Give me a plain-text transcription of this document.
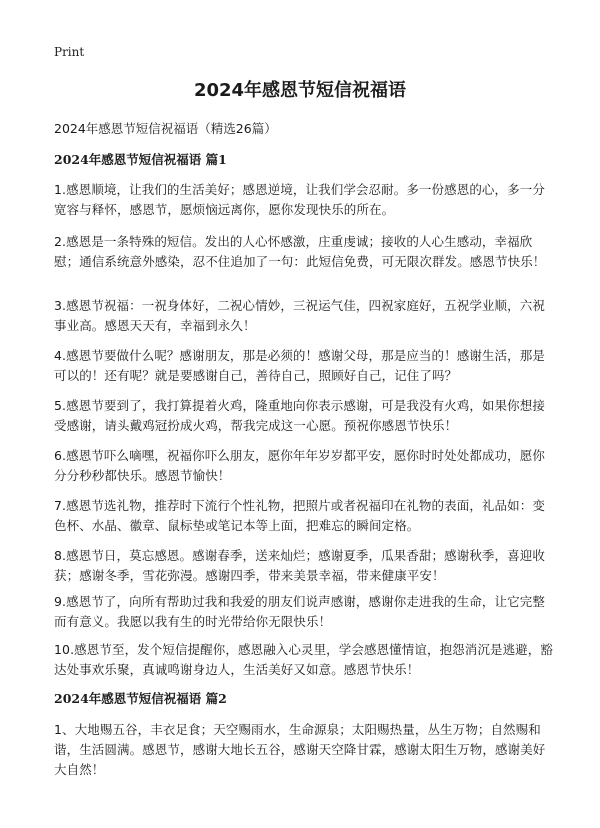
Print
2024年感恩节短信祝福语

2024年感恩节短信祝福语（精选26篇）

2024年感恩节短信祝福语 篇1

1.感恩顺境，让我们的生活美好；感恩逆境，让我们学会忍耐。多一份感恩的心，多一分宽容与释怀，感恩节，愿烦恼远离你，愿你发现快乐的所在。

2.感恩是一条特殊的短信。发出的人心怀感激，庄重虔诚；接收的人心生感动，幸福欣慰；通信系统意外感染，忍不住追加了一句：此短信免费，可无限次群发。感恩节快乐！

3.感恩节祝福：一祝身体好，二祝心情妙，三祝运气佳，四祝家庭好，五祝学业顺，六祝事业高。感恩天天有，幸福到永久！

4.感恩节要做什么呢？感谢朋友，那是必须的！感谢父母，那是应当的！感谢生活，那是可以的！还有呢？就是要感谢自己，善待自己，照顾好自己，记住了吗？

5.感恩节要到了，我打算提着火鸡，隆重地向你表示感谢，可是我没有火鸡，如果你想接受感谢，请头戴鸡冠扮成火鸡，帮我完成这一心愿。预祝你感恩节快乐！

6.感恩节吓么嘀嘿，祝福你吓么朋友，愿你年年岁岁都平安，愿你时时处处都成功，愿你分分秒秒都快乐。感恩节愉快！

7.感恩节选礼物，推荐时下流行个性礼物，把照片或者祝福印在礼物的表面，礼品如：变色杯、水晶、徽章、鼠标垫或笔记本等上面，把难忘的瞬间定格。

8.感恩节日，莫忘感恩。感谢春季，送来灿烂；感谢夏季，瓜果香甜；感谢秋季，喜迎收获；感谢冬季，雪花弥漫。感谢四季，带来美景幸福，带来健康平安！

9.感恩节了，向所有帮助过我和我爱的朋友们说声感谢，感谢你走进我的生命，让它完整而有意义。我愿以我有生的时光带给你无限快乐！

10.感恩节至，发个短信提醒你，感恩融入心灵里，学会感恩懂情谊，抱怨消沉是逃避，豁达处事欢乐聚，真诚鸣谢身边人，生活美好又如意。感恩节快乐！

2024年感恩节短信祝福语 篇2

1、大地赐五谷，丰衣足食；天空赐雨水，生命源泉；太阳赐热量，丛生万物；自然赐和谐，生活圆满。感恩节，感谢大地长五谷，感谢天空降甘霖，感谢太阳生万物，感谢美好大自然！
